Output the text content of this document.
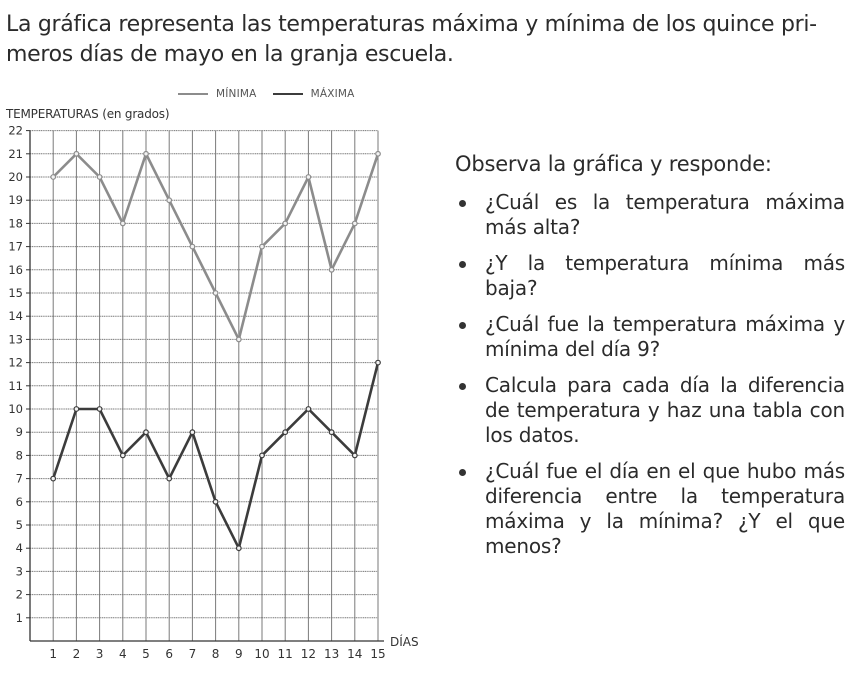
La gráfica representa las temperaturas máxima y mínima de los quince pri-
meros días de mayo en la granja escuela.
MÍNIMA	MÁXIMA
TEMPERATURAS (en grados)
1
2
3
4
5
6
7
8
9
10
11
12
13
14
15
16
17
18
19
20
21
22
1 2 3 4 5 6 7 8 9 10 11 12 13 14 15
DÍAS

Observa la gráfica y responde:

¿Cuál es la temperatura máxima más alta?
¿Y la temperatura mínima más baja?
¿Cuál fue la temperatura máxima y mínima del día 9?
Calcula para cada día la diferencia de temperatura y haz una tabla con los datos.
¿Cuál fue el día en el que hubo más diferencia entre la temperatura máxima y la mínima? ¿Y el que menos?
